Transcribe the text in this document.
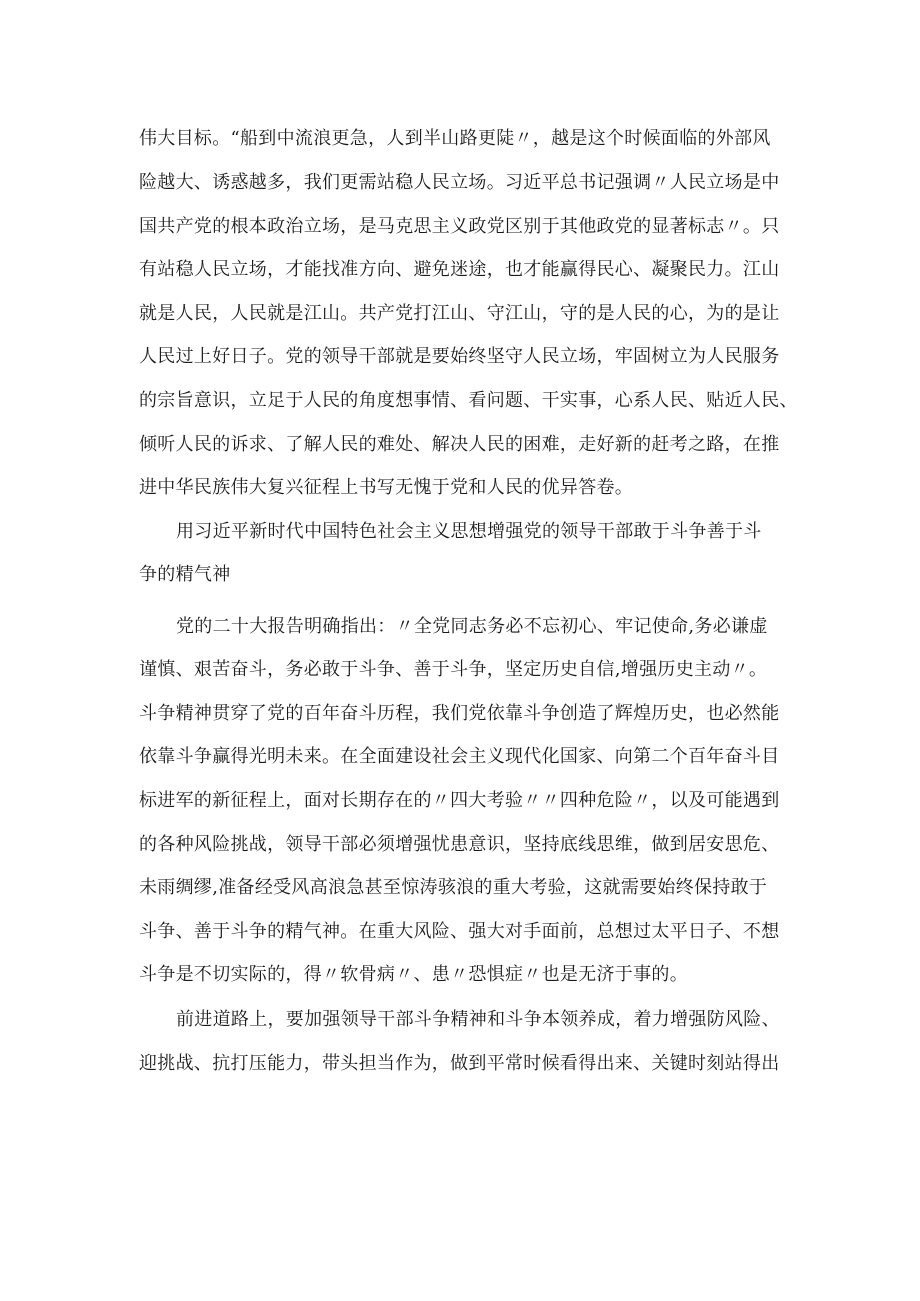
伟大目标。“船到中流浪更急，人到半山路更陡〃，越是这个时候面临的外部风
险越大、诱惑越多，我们更需站稳人民立场。习近平总书记强调〃人民立场是中
国共产党的根本政治立场，是马克思主义政党区别于其他政党的显著标志〃。只
有站稳人民立场，才能找准方向、避免迷途，也才能赢得民心、凝聚民力。江山
就是人民，人民就是江山。共产党打江山、守江山，守的是人民的心，为的是让
人民过上好日子。党的领导干部就是要始终坚守人民立场，牢固树立为人民服务
的宗旨意识，立足于人民的角度想事情、看问题、干实事，心系人民、贴近人民、
倾听人民的诉求、了解人民的难处、解决人民的困难，走好新的赶考之路，在推
进中华民族伟大复兴征程上书写无愧于党和人民的优异答卷。
用习近平新时代中国特色社会主义思想增强党的领导干部敢于斗争善于斗
争的精气神
党的二十大报告明确指出：〃全党同志务必不忘初心、牢记使命,务必谦虚
谨慎、艰苦奋斗，务必敢于斗争、善于斗争，坚定历史自信,增强历史主动〃。
斗争精神贯穿了党的百年奋斗历程，我们党依靠斗争创造了辉煌历史，也必然能
依靠斗争赢得光明未来。在全面建设社会主义现代化国家、向第二个百年奋斗目
标进军的新征程上，面对长期存在的〃四大考验〃〃四种危险〃，以及可能遇到
的各种风险挑战，领导干部必须增强忧患意识，坚持底线思维，做到居安思危、
未雨绸缪,准备经受风高浪急甚至惊涛骇浪的重大考验，这就需要始终保持敢于
斗争、善于斗争的精气神。在重大风险、强大对手面前，总想过太平日子、不想
斗争是不切实际的，得〃软骨病〃、患〃恐惧症〃也是无济于事的。
前进道路上，要加强领导干部斗争精神和斗争本领养成，着力增强防风险、
迎挑战、抗打压能力，带头担当作为，做到平常时候看得出来、关键时刻站得出
